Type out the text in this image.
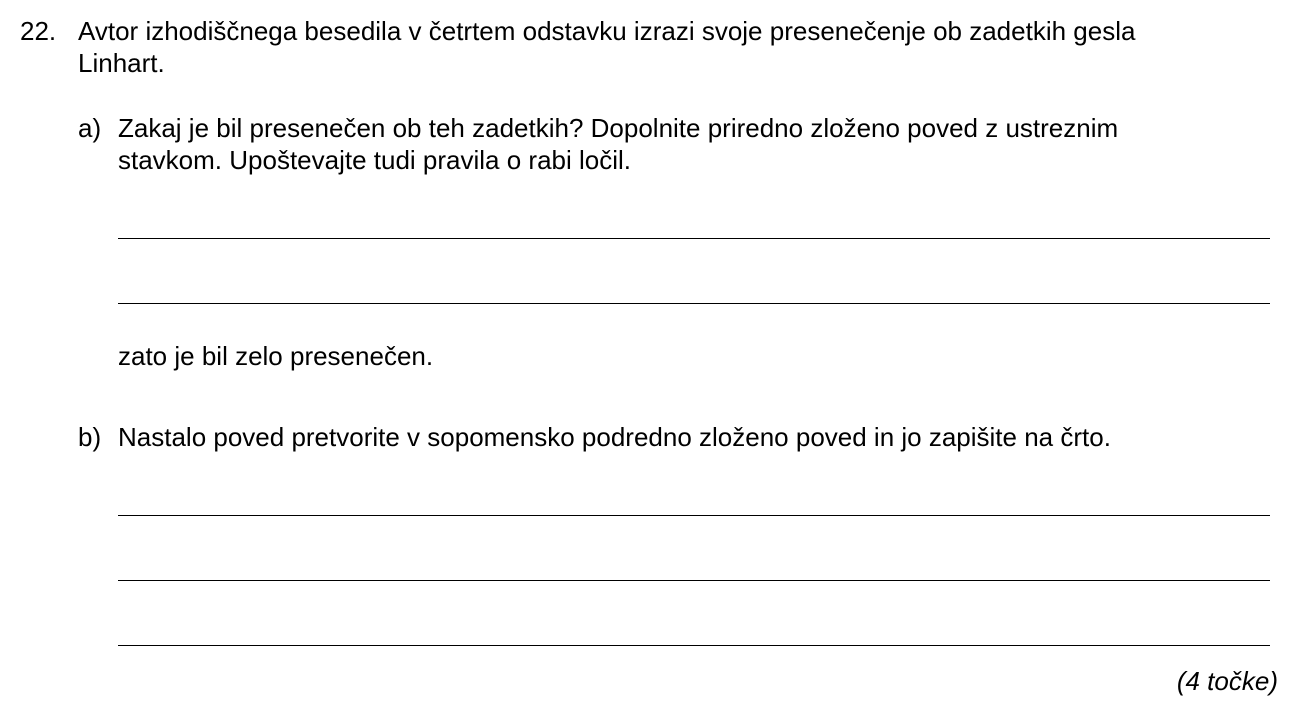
22. Avtor izhodiščnega besedila v četrtem odstavku izrazi svoje presenečenje ob zadetkih gesla
Linhart.
a) Zakaj je bil presenečen ob teh zadetkih? Dopolnite priredno zloženo poved z ustreznim
stavkom. Upoštevajte tudi pravila o rabi ločil.
zato je bil zelo presenečen.
b) Nastalo poved pretvorite v sopomensko podredno zloženo poved in jo zapišite na črto.
(4 točke)
